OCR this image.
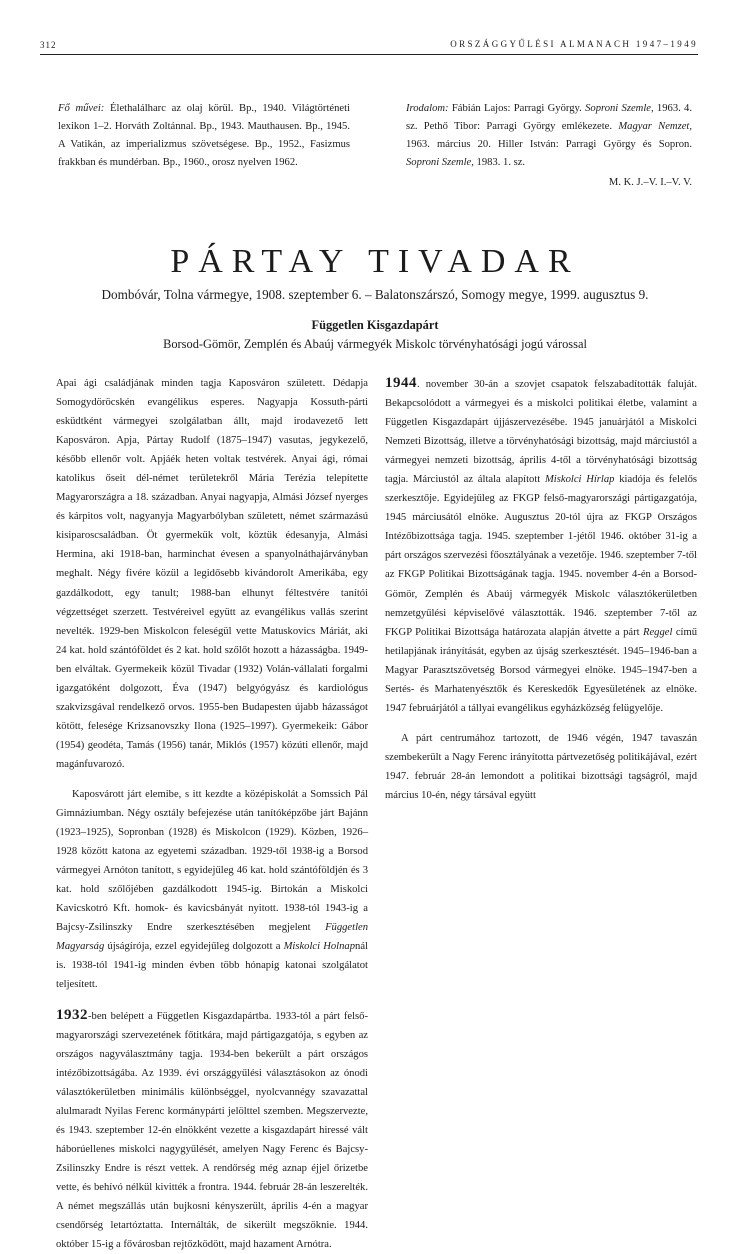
312	ORSZÁGGYŰLÉSI ALMANACH 1947–1949
Fő művei: Élethalálharc az olaj körül. Bp., 1940. Világtörténeti lexikon 1–2. Horváth Zoltánnal. Bp., 1943. Mauthausen. Bp., 1945. A Vatikán, az imperializmus szövetségese. Bp., 1952., Fasizmus frakkban és mundérban. Bp., 1960., orosz nyelven 1962.
Irodalom: Fábián Lajos: Parragi György. Soproni Szemle, 1963. 4. sz. Pethő Tibor: Parragi György emlékezete. Magyar Nemzet, 1963. március 20. Hiller István: Parragi György és Sopron. Soproni Szemle, 1983. 1. sz.
M. K. J.–V. I.–V. V.
PÁRTAY TIVADAR
Dombóvár, Tolna vármegye, 1908. szeptember 6. – Balatonszárszó, Somogy megye, 1999. augusztus 9.
Független Kisgazdapárt
Borsod-Gömör, Zemplén és Abaúj vármegyék Miskolc törvényhatósági jogú várossal

Apai ági családjának minden tagja Kaposváron született. Dédapja Somogydöröcskén evangélikus esperes. Nagyapja Kossuth-párti esküdtként vármegyei szolgálatban állt, majd irodavezető lett Kaposváron. Apja, Pártay Rudolf (1875–1947) vasutas, jegykezelő, később ellenőr volt. Apjáék heten voltak testvérek. Anyai ági, római katolikus őseit dél-német területekről Mária Terézia telepítette Magyarországra a 18. században. Anyai nagyapja, Almási József nyerges és kárpitos volt, nagyanyja Magyarbólyban született, német származású kisiparoscsaládban. Öt gyermekük volt, köztük édesanyja, Almási Hermina, aki 1918-ban, harminchat évesen a spanyolnáthajárványban meghalt. Négy fivére közül a legidősebb kivándorolt Amerikába, egy gazdálkodott, egy tanult; 1988-ban elhunyt féltestvére tanítói végzettséget szerzett. Testvéreivel együtt az evangélikus vallás szerint nevelték. 1929-ben Miskolcon feleségül vette Matuskovics Máriát, aki 24 kat. hold szántóföldet és 2 kat. hold szőlőt hozott a házasságba. 1949-ben elváltak. Gyermekeik közül Tivadar (1932) Volán-vállalati forgalmi igazgatóként dolgozott, Éva (1947) belgyógyász és kardiológus szakvizsgával rendelkező orvos. 1955-ben Budapesten újabb házasságot kötött, felesége Krizsanovszky Ilona (1925–1997). Gyermekeik: Gábor (1954) geodéta, Tamás (1956) tanár, Miklós (1957) közúti ellenőr, majd magánfuvarozó.

Kaposvárott járt elemibe, s itt kezdte a középiskolát a Somssich Pál Gimnáziumban. Négy osztály befejezése után tanítóképzőbe járt Bajánn (1923–1925), Sopronban (1928) és Miskolcon (1929). Közben, 1926–1928 között katona az egyetemi században. 1929-től 1938-ig a Borsod vármegyei Arnóton tanított, s egyidejűleg 46 kat. hold szántóföldjén és 3 kat. hold szőlőjében gazdálkodott 1945-ig. Birtokán a Miskolci Kavicskotró Kft. homok- és kavicsbányát nyitott. 1938-tól 1943-ig a Bajcsy-Zsilinszky Endre szerkesztésében megjelent Független Magyarság újságírója, ezzel egyidejűleg dolgozott a Miskolci Holnapnál is. 1938-tól 1941-ig minden évben több hónapig katonai szolgálatot teljesített.

1932-ben belépett a Független Kisgazdapártba. 1933-tól a párt felső-magyarországi szervezetének főtitkára, majd pártigazgatója, s egyben az országos nagyválasztmány tagja. 1934-ben bekerült a párt országos intézőbizottságába. Az 1939. évi országgyűlési választásokon az ónodi választókerületben minimális különbséggel, nyolcvannégy szavazattal alulmaradt Nyilas Ferenc kormánypárti jelölttel szemben. Megszervezte, és 1943. szeptember 12-én elnökként vezette a kisgazdapárt hiressé vált háborúellenes miskolci nagygyűlését, amelyen Nagy Ferenc és Bajcsy-Zsilinszky Endre is részt vettek. A rendőrség még aznap éjjel őrizetbe vette, és behívó nélkül kivitték a frontra. 1944. február 28-án leszerelték. A német megszállás után bujkosni kényszerült, április 4-én a magyar csendőrség letartóztatta. Internálták, de sikerült megszöknie. 1944. október 15-ig a fővárosban rejtőzködött, majd hazament Arnótra.

1944. november 30-án a szovjet csapatok felszabadították faluját. Bekapcsolódott a vármegyei és a miskolci politikai életbe, valamint a Független Kisgazdapárt újjászervezésébe. 1945 januárjától a Miskolci Nemzeti Bizottság, illetve a törvényhatósági bizottság, majd márciustól a vármegyei nemzeti bizottság, április 4-től a törvényhatósági bizottság tagja. Márciustól az általa alapított Miskolci Hírlap kiadója és felelős szerkesztője. Egyidejűleg az FKGP felső-magyarországi pártigazgatója, 1945 márciusától elnöke. Augusztus 20-tól újra az FKGP Országos Intézőbizottsága tagja. 1945. szeptember 1-jétől 1946. október 31-ig a párt országos szervezési főosztályának a vezetője. 1946. szeptember 7-től az FKGP Politikai Bizottságának tagja. 1945. november 4-én a Borsod-Gömör, Zemplén és Abaúj vármegyék Miskolc választókerületben nemzetgyűlési képviselővé választották. 1946. szeptember 7-től az FKGP Politikai Bizottsága határozata alapján átvette a párt Reggel című hetilapjának irányítását, egyben az újság szerkesztését. 1945–1946-ban a Magyar Parasztszövetség Borsod vármegyei elnöke. 1945–1947-ben a Sertés- és Marhatenyésztők és Kereskedők Egyesületének az elnöke. 1947 februárjától a tállyai evangélikus egyházközség felügyelője.

A párt centrumához tartozott, de 1946 végén, 1947 tavaszán szembekerült a Nagy Ferenc irányította pártvezetőség politikájával, ezért 1947. február 28-án lemondott a politikai bizottsági tagságról, majd március 10-én, négy társával együtt
